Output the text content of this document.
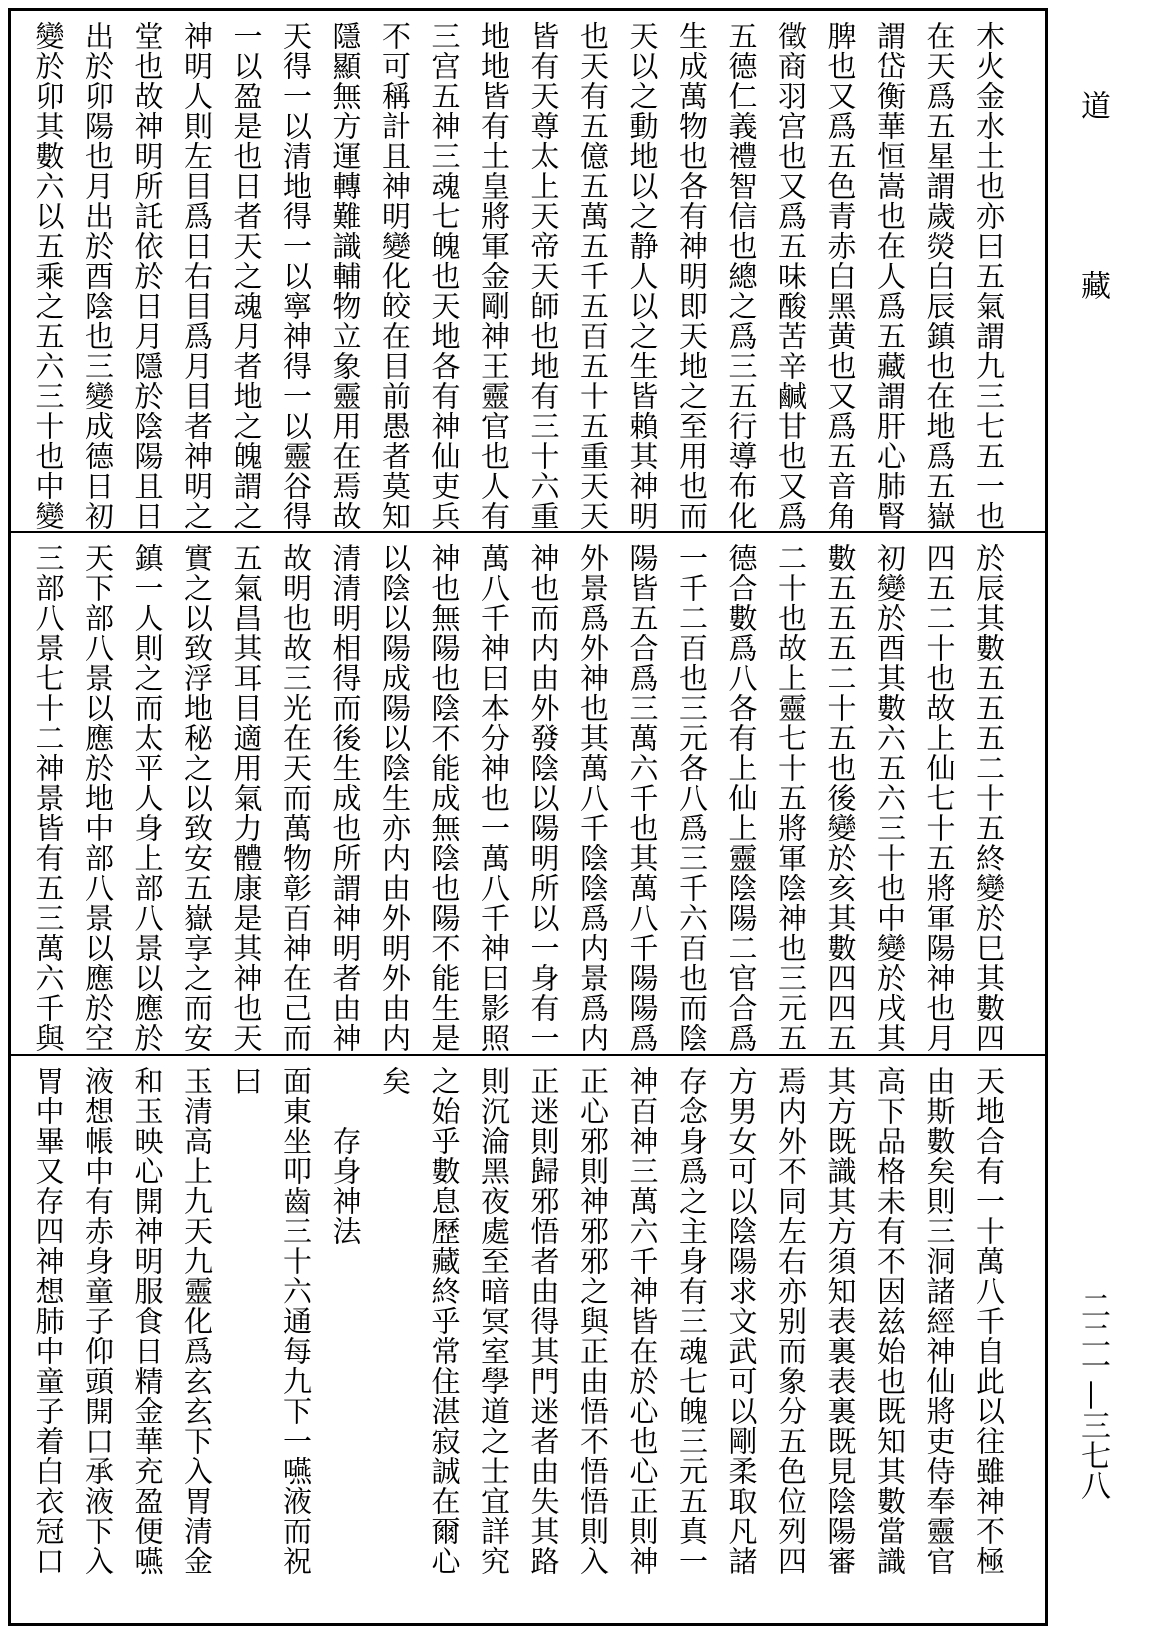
木火金水土也亦曰五氣謂九三七五一也
在天爲五星謂歲熒白辰鎮也在地爲五嶽
謂岱衡華恒嵩也在人爲五藏謂肝心肺腎
脾也又爲五色青赤白黑黄也又爲五音角
徵商羽宫也又爲五味酸苦辛鹹甘也又爲
五德仁義禮智信也總之爲三五行導布化
生成萬物也各有神明即天地之至用也而
天以之動地以之静人以之生皆賴其神明
也天有五億五萬五千五百五十五重天天
皆有天尊太上天帝天師也地有三十六重
地地皆有土皇將軍金剛神王靈官也人有
三宫五神三魂七魄也天地各有神仙吏兵
不可稱計且神明變化皎在目前愚者莫知
隱顯無方運轉難識輔物立象靈用在焉故
天得一以清地得一以寧神得一以靈谷得
一以盈是也日者天之魂月者地之魄謂之
神明人則左目爲日右目爲月目者神明之
堂也故神明所託依於日月隱於陰陽且日
出於卯陽也月出於酉陰也三變成德日初
變於卯其數六以五乘之五六三十也中變
於辰其數五五五二十五終變於巳其數四
四五二十也故上仙七十五將軍陽神也月
初變於酉其數六五六三十也中變於戌其
數五五五二十五也後變於亥其數四四五
二十也故上靈七十五將軍陰神也三元五
德合數爲八各有上仙上靈陰陽二官合爲
一千二百也三元各八爲三千六百也而陰
陽皆五合爲三萬六千也其萬八千陽陽爲
外景爲外神也其萬八千陰陰爲内景爲内
神也而内由外發陰以陽明所以一身有一
萬八千神曰本分神也一萬八千神曰影照
神也無陽也陰不能成無陰也陽不能生是
以陰以陽成陽以陰生亦内由外明外由内
清清明相得而後生成也所謂神明者由神
故明也故三光在天而萬物彰百神在己而
五氣昌其耳目適用氣力體康是其神也天
實之以致浮地秘之以致安五嶽享之而安
鎮一人則之而太平人身上部八景以應於
天下部八景以應於地中部八景以應於空
三部八景七十二神景皆有五三萬六千與
天地合有一十萬八千自此以往雖神不極
由斯數矣則三洞諸經神仙將吏侍奉靈官
高下品格未有不因兹始也既知其數當識
其方既識其方須知表裏表裏既見陰陽審
焉内外不同左右亦别而象分五色位列四
方男女可以陰陽求文武可以剛柔取凡諸
存念身爲之主身有三魂七魄三元五真一
神百神三萬六千神皆在於心也心正則神
正心邪則神邪邪之與正由悟不悟悟則入
正迷則歸邪悟者由得其門迷者由失其路
則沉淪黑夜處至暗冥室學道之士宜詳究
之始乎數息歷藏終乎常住湛寂誠在爾心
矣
　　存身神法
面東坐叩齒三十六通每九下一嚥液而祝
曰
玉清高上九天九靈化爲玄玄下入胃清金
和玉映心開神明服食日精金華充盈便嚥
液想帳中有赤身童子仰頭開口承液下入
胃中畢又存四神想肺中童子着白衣冠口
道
藏
二二一—三七八
